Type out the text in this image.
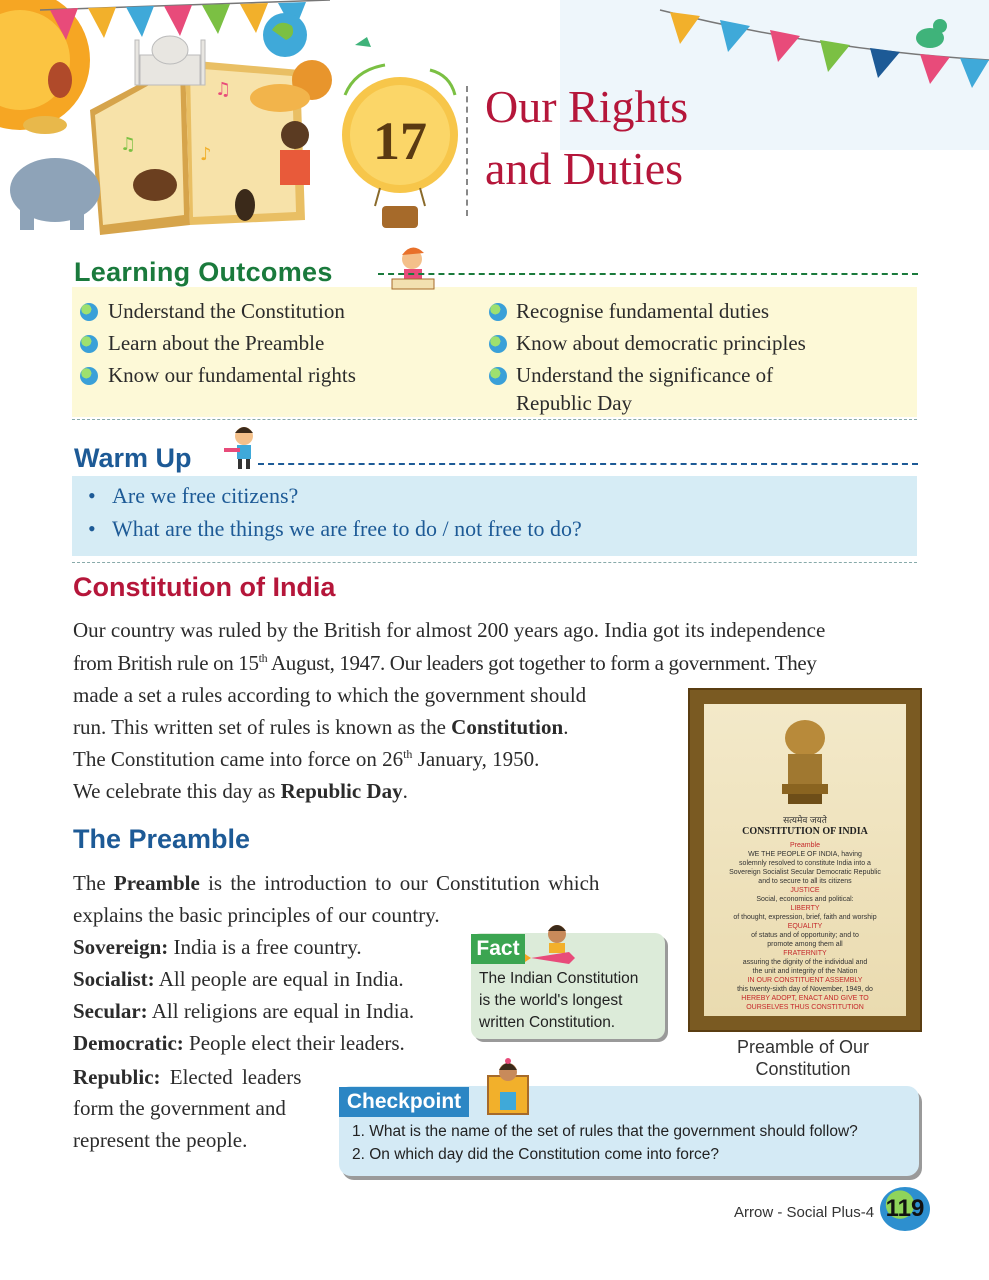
♫
♫	♪	17
Our Rights
and Duties
Learning Outcomes
Understand the Constitution
Learn about the Preamble
Know our fundamental rights
Recognise fundamental duties
Know about democratic principles
Understand the significance of
Republic Day
Warm Up
• Are we free citizens?
• What are the things we are free to do / not free to do?
Constitution of India
Our country was ruled by the British for almost 200 years ago. India got its independence
from British rule on 15th August, 1947. Our leaders got together to form a government. They
made a set a rules according to which the government should
run. This written set of rules is known as the Constitution.
The Constitution came into force on 26th January, 1950.
We celebrate this day as Republic Day.
The Preamble
The Preamble is the introduction to our Constitution which
explains the basic principles of our country.
Sovereign: India is a free country.
Socialist: All people are equal in India.
Secular: All religions are equal in India.
Democratic: People elect their leaders.
Republic: Elected leaders
form the government and
represent the people.
सत्यमेव जयते
CONSTITUTION OF INDIA
Preamble
WE THE PEOPLE OF INDIA, having
solemnly resolved to constitute India into a
Sovereign Socialist Secular Democratic Republic
and to secure to all its citizens
JUSTICE
Social, economics and political:
LIBERTY
of thought, expression, brief, faith and worship
EQUALITY
of status and of opportunity; and to
promote among them all
FRATERNITY
assuring the dignity of the individual and
the unit and integrity of the Nation
IN OUR CONSTITUENT ASSEMBLY
this twenty-sixth day of November, 1949, do
HEREBY ADOPT, ENACT AND GIVE TO
OURSELVES THUS CONSTITUTION
Preamble of Our
Constitution
Fact
The Indian Constitution
is the world's longest
written Constitution.
Checkpoint
1. What is the name of the set of rules that the government should follow?
2. On which day did the Constitution come into force?
Arrow - Social Plus-4 119
